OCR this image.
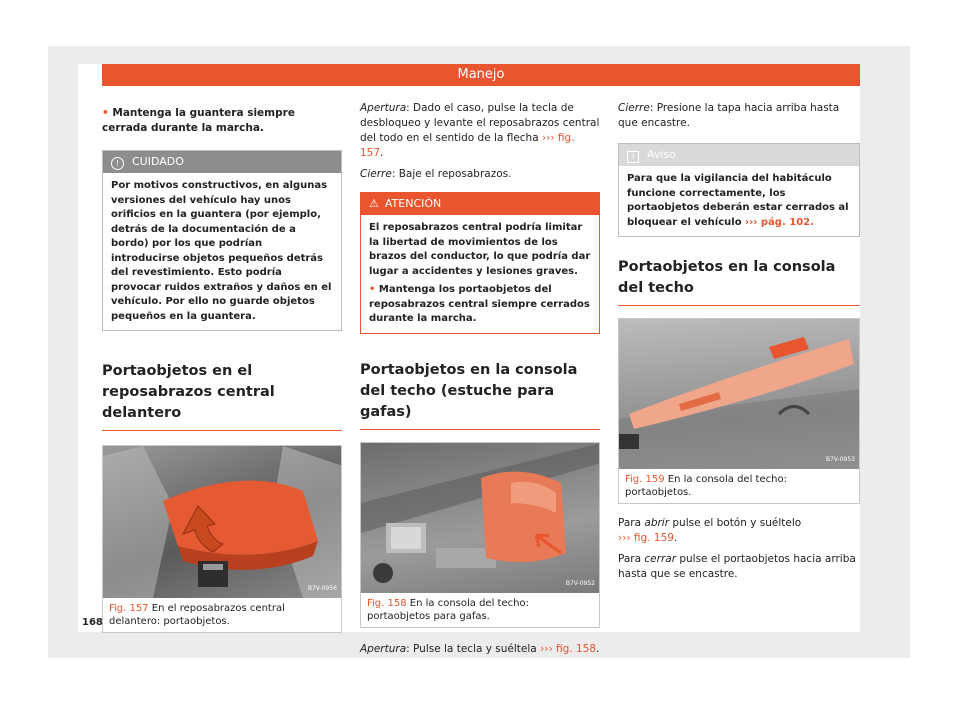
Manejo

• Mantenga la guantera siempre cerrada durante la marcha.

! CUIDADO
Por motivos constructivos, en algunas versiones del vehículo hay unos orificios en la guantera (por ejemplo, detrás de la documentación de a bordo) por los que podrían introducirse objetos pequeños detrás del revestimiento. Esto podría provocar ruidos extraños y daños en el vehículo. Por ello no guarde objetos pequeños en la guantera.
Portaobjetos en el reposabrazos central delantero
B7V-0956
Fig. 157 En el reposabrazos central delantero: portaobjetos.

Apertura: Dado el caso, pulse la tecla de desbloqueo y levante el reposabrazos central del todo en el sentido de la flecha ››› fig. 157.

Cierre: Baje el reposabrazos.

⚠ ATENCIÓN

El reposabrazos central podría limitar la libertad de movimientos de los brazos del conductor, lo que podría dar lugar a accidentes y lesiones graves.

• Mantenga los portaobjetos del reposabrazos central siempre cerrados durante la marcha.

Portaobjetos en la consola del techo (estuche para gafas)
B7V-0952
Fig. 158 En la consola del techo: portaobjetos para gafas.

Apertura: Pulse la tecla y suéltela ››› fig. 158.

Cierre: Presione la tapa hacia arriba hasta que encastre.

i Aviso
Para que la vigilancia del habitáculo funcione correctamente, los portaobjetos deberán estar cerrados al bloquear el vehículo ››› pág. 102.
Portaobjetos en la consola del techo
B7V-0953
Fig. 159 En la consola del techo: portaobjetos.

Para abrir pulse el botón y suéltelo
››› fig. 159.

Para cerrar pulse el portaobjetos hacia arriba hasta que se encastre.

168
